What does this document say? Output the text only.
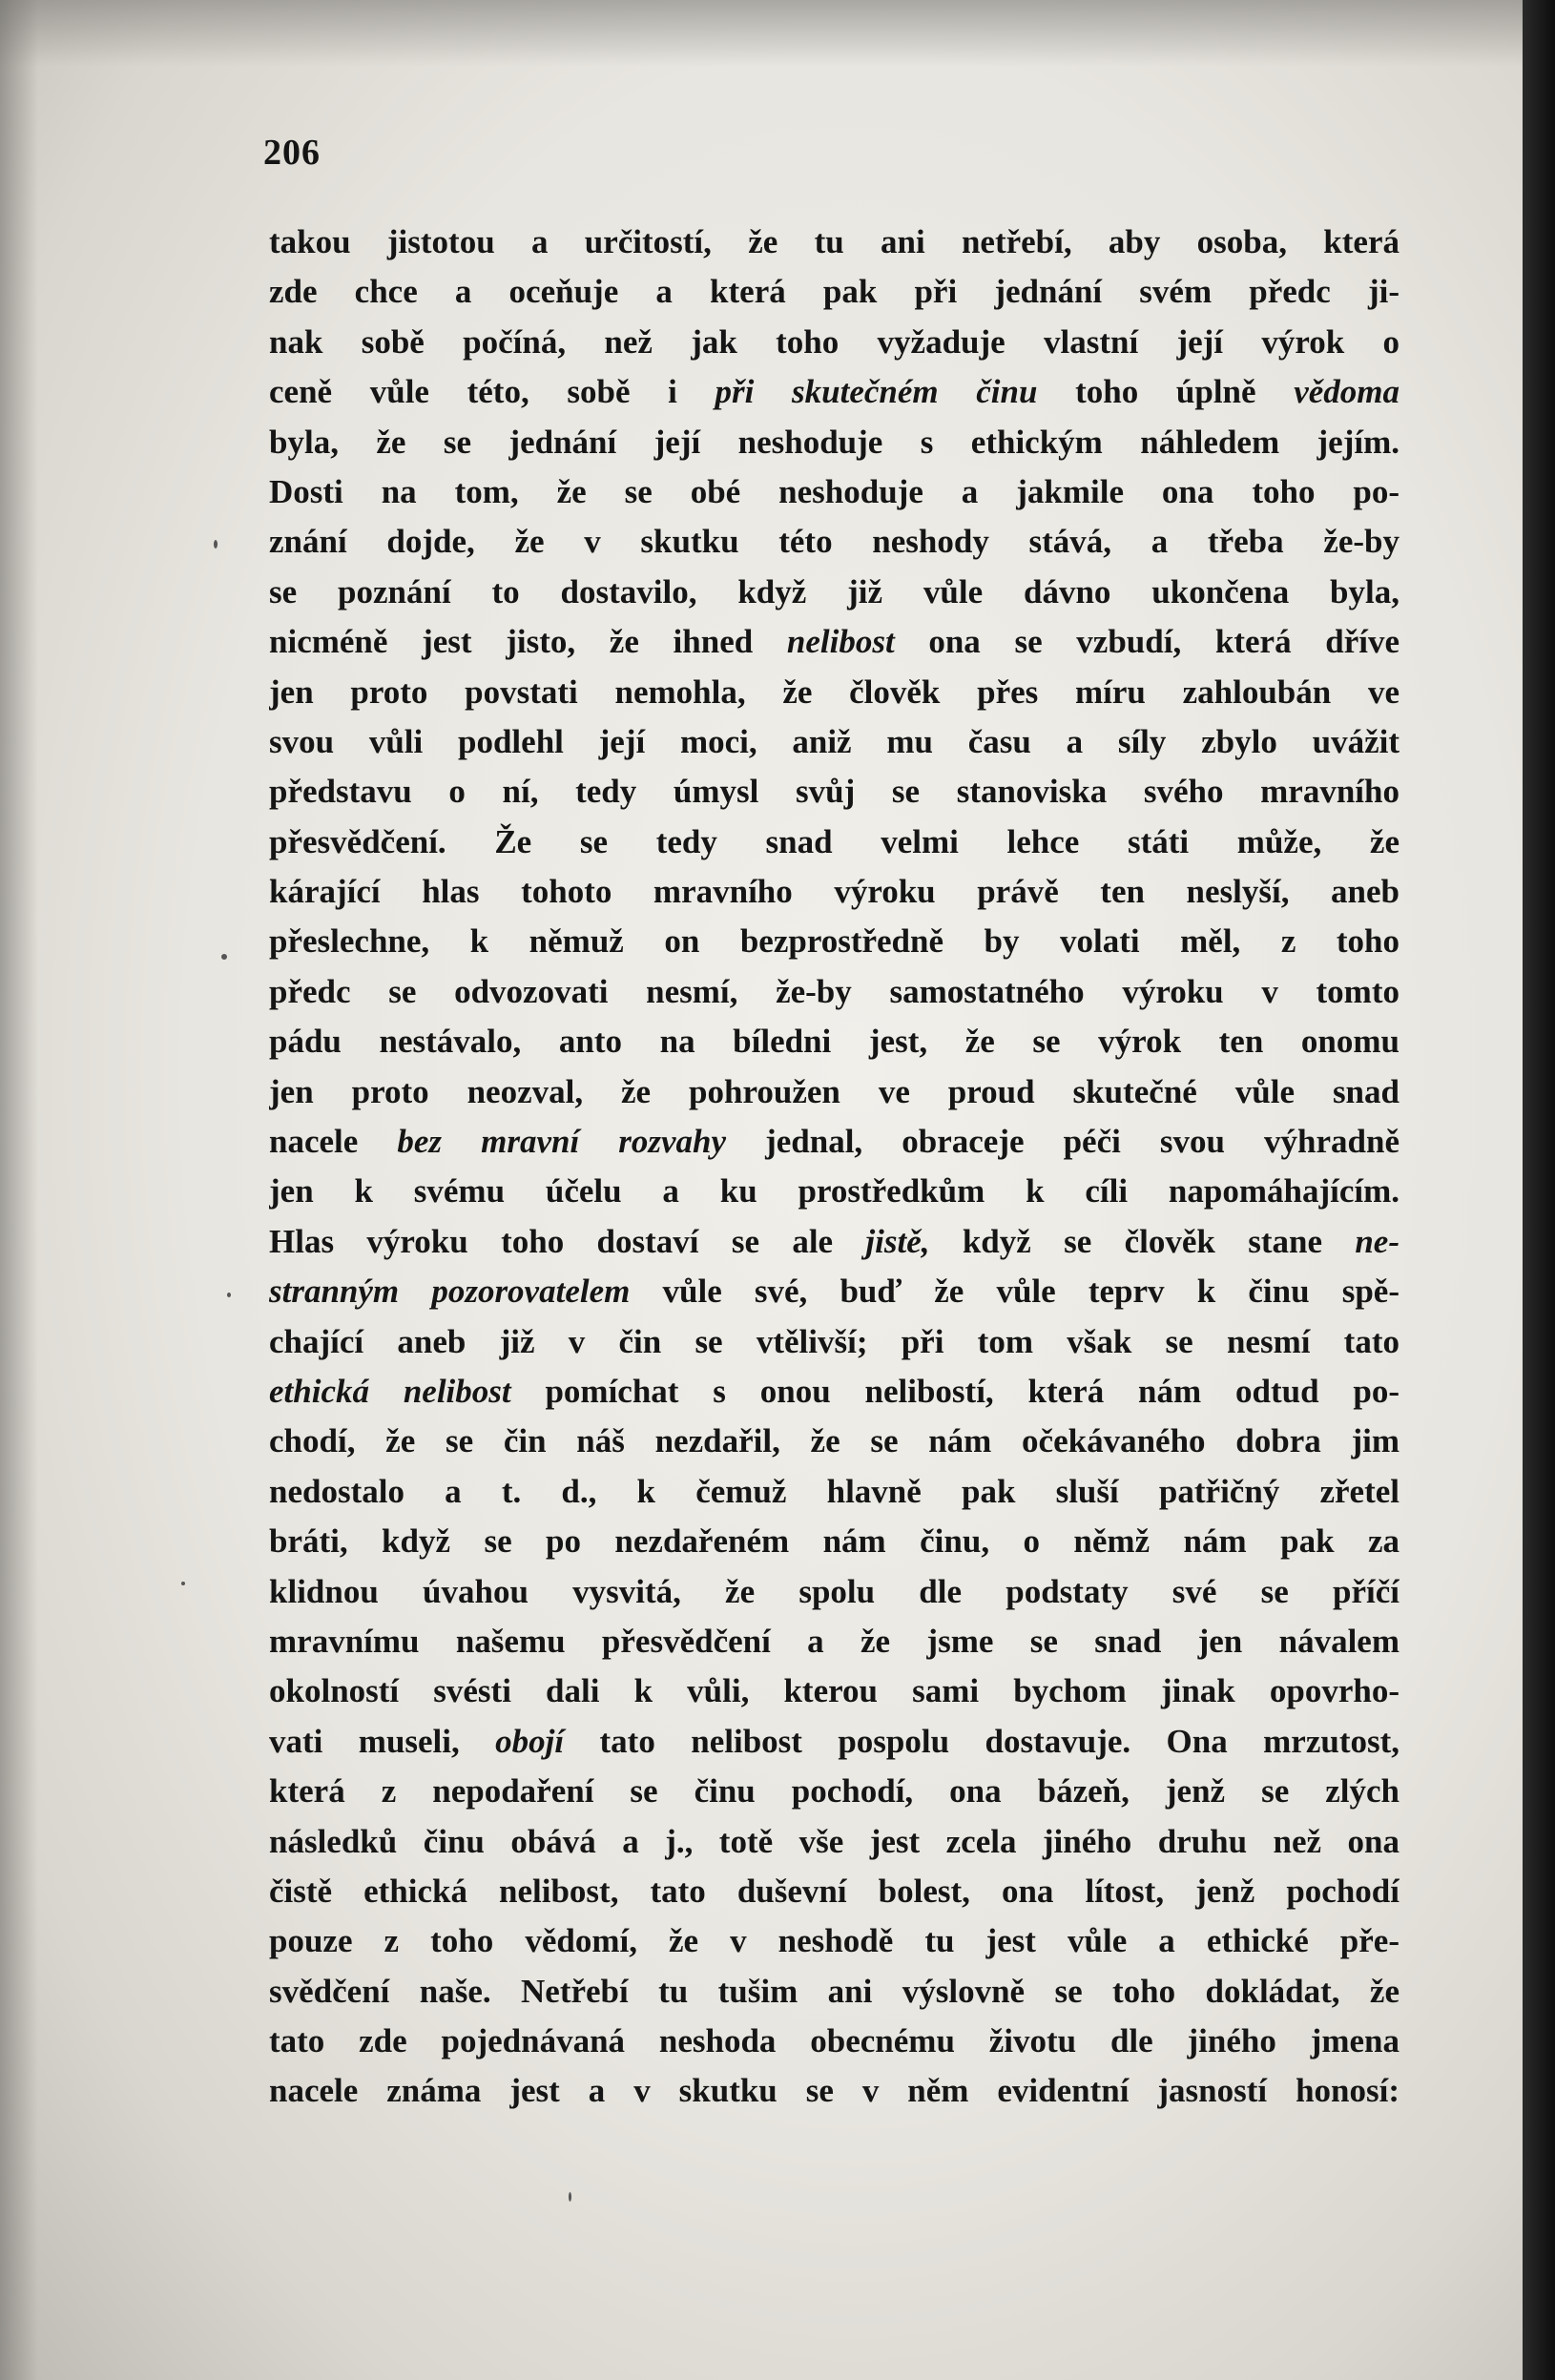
206
takou jistotou a určitostí, že tu ani netřebí, aby osoba, která
zde chce a oceňuje a která pak při jednání svém předc ji-
nak sobě počíná, než jak toho vyžaduje vlastní její výrok o
ceně vůle této, sobě i při skutečném činu toho úplně vědoma
byla, že se jednání její neshoduje s ethickým náhledem jejím.
Dosti na tom, že se obé neshoduje a jakmile ona toho po-
znání dojde, že v skutku této neshody stává, a třeba že-by
se poznání to dostavilo, když již vůle dávno ukončena byla,
nicméně jest jisto, že ihned nelibost ona se vzbudí, která dříve
jen proto povstati nemohla, že člověk přes míru zahloubán ve
svou vůli podlehl její moci, aniž mu času a síly zbylo uvážit
představu o ní, tedy úmysl svůj se stanoviska svého mravního
přesvědčení. Že se tedy snad velmi lehce státi může, že
kárající hlas tohoto mravního výroku právě ten neslyší, aneb
přeslechne, k němuž on bezprostředně by volati měl, z toho
předc se odvozovati nesmí, že-by samostatného výroku v tomto
pádu nestávalo, anto na bíledni jest, že se výrok ten onomu
jen proto neozval, že pohroužen ve proud skutečné vůle snad
nacele bez mravní rozvahy jednal, obraceje péči svou výhradně
jen k svému účelu a ku prostředkům k cíli napomáhajícím.
Hlas výroku toho dostaví se ale jistě, když se člověk stane ne-
stranným pozorovatelem vůle své, buď že vůle teprv k činu spě-
chající aneb již v čin se vtělivší; při tom však se nesmí tato
ethická nelibost pomíchat s onou nelibostí, která nám odtud po-
chodí, že se čin náš nezdařil, že se nám očekávaného dobra jim
nedostalo a t. d., k čemuž hlavně pak sluší patřičný zřetel
bráti, když se po nezdařeném nám činu, o němž nám pak za
klidnou úvahou vysvitá, že spolu dle podstaty své se příčí
mravnímu našemu přesvědčení a že jsme se snad jen návalem
okolností svésti dali k vůli, kterou sami bychom jinak opovrho-
vati museli, obojí tato nelibost pospolu dostavuje. Ona mrzutost,
která z nepodaření se činu pochodí, ona bázeň, jenž se zlých
následků činu obává a j., totě vše jest zcela jiného druhu než ona
čistě ethická nelibost, tato duševní bolest, ona lítost, jenž pochodí
pouze z toho vědomí, že v neshodě tu jest vůle a ethické pře-
svědčení naše. Netřebí tu tušim ani výslovně se toho dokládat, že
tato zde pojednávaná neshoda obecnému životu dle jiného jmena
nacele známa jest a v skutku se v něm evidentní jasností honosí:
